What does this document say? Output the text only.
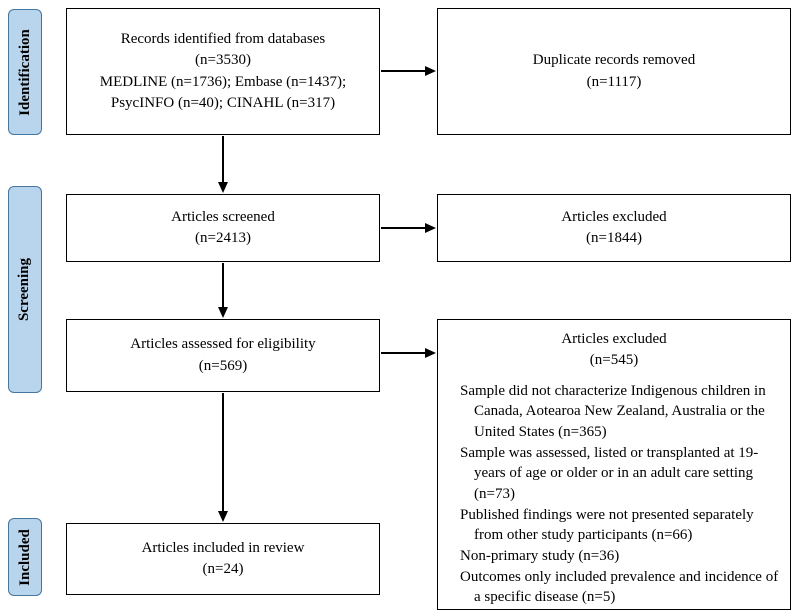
Identification
Screening
Included
Records identified from databases
(n=3530)
MEDLINE (n=1736); Embase (n=1437);
PsycINFO (n=40); CINAHL (n=317)
Duplicate records removed
(n=1117)
Articles screened
(n=2413)
Articles excluded
(n=1844)
Articles assessed for eligibility
(n=569)
Articles excluded
(n=545)
Sample did not characterize Indigenous children in Canada, Aotearoa New Zealand, Australia or the United States (n=365)
Sample was assessed, listed or transplanted at 19-years of age or older or in an adult care setting (n=73)
Published findings were not presented separately from other study participants (n=66)
Non-primary study (n=36)
Outcomes only included prevalence and incidence of a specific disease (n=5)
Articles included in review
(n=24)
